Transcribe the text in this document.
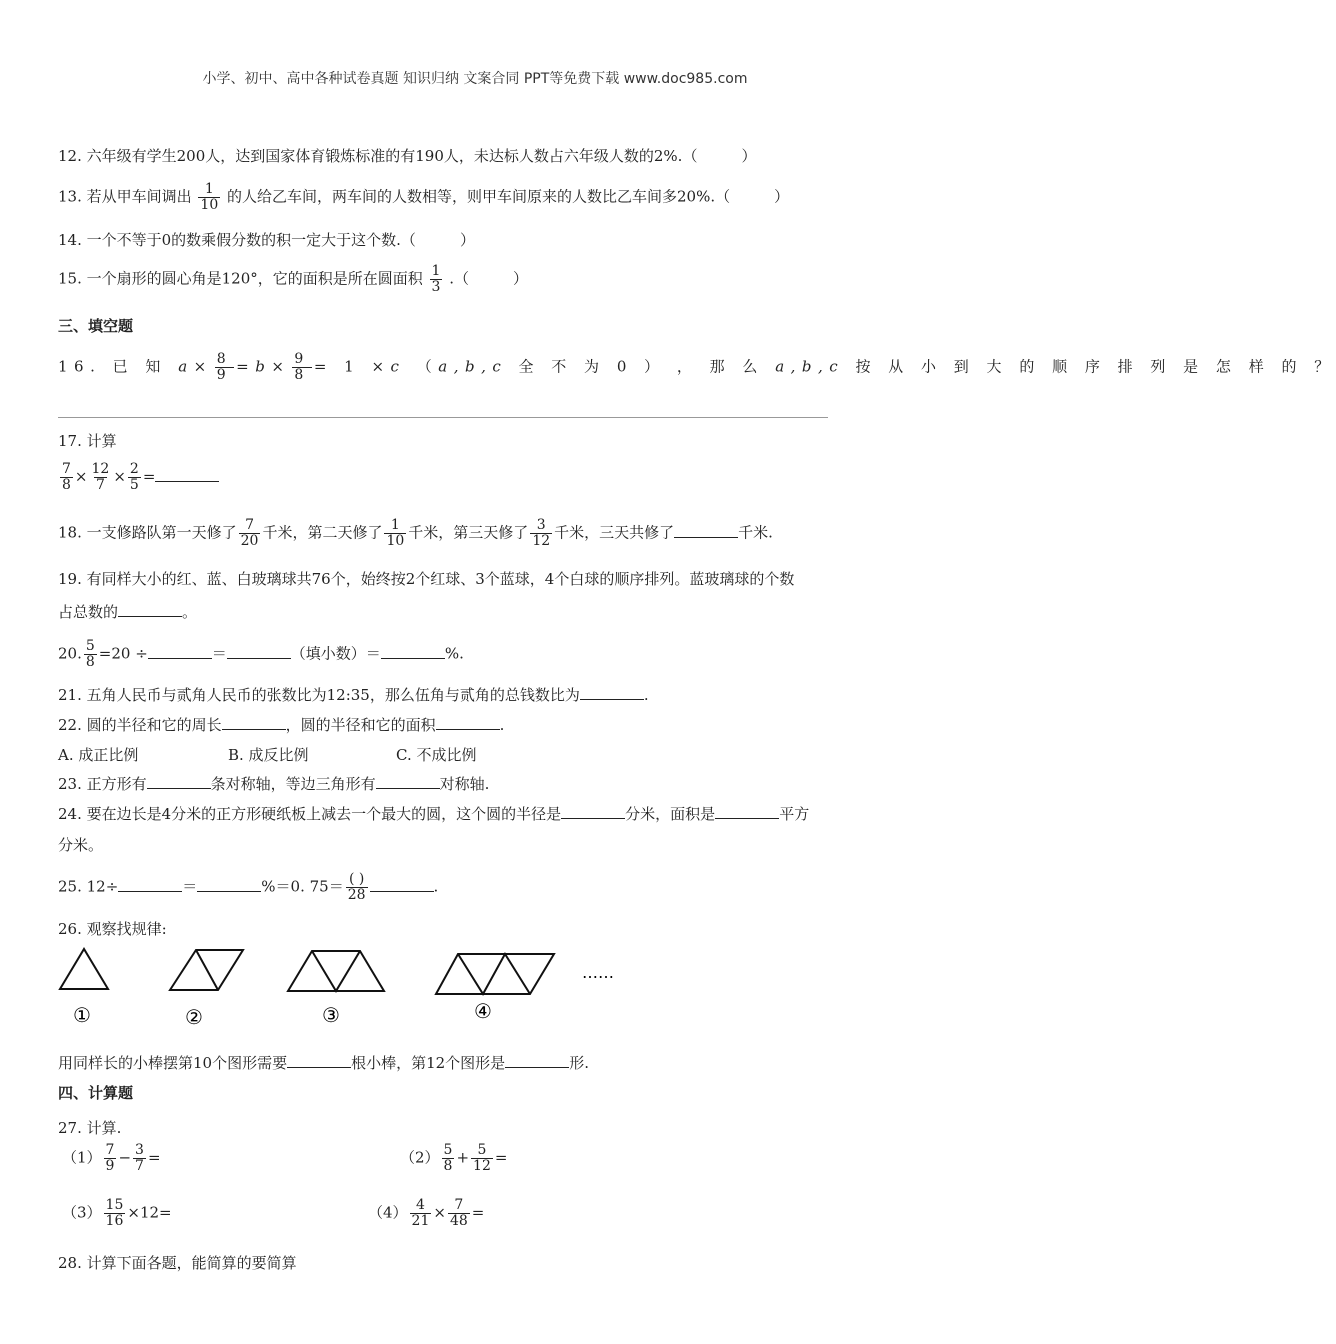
小学、初中、高中各种试卷真题 知识归纳 文案合同 PPT等免费下载 www.doc985.com
12. 六年级有学生200人，达到国家体育锻炼标准的有190人，未达标人数占六年级人数的2%.（	）
13. 若从甲车间调出 $\frac{1}{10}$ 的人给乙车间，两车间的人数相等，则甲车间原来的人数比乙车间多20%.（	）
14. 一个不等于0的数乘假分数的积一定大于这个数.（	）
15. 一个扇形的圆心角是120°，它的面积是所在圆面积 $\frac{1}{3}$ .（	）
三、填空题
16. 已 知 $a\times \frac{8}{9} =b\times \frac{9}{8} = 1 \times c$ （a,b,c 全 不 为 0 ） ， 那 么 a,b,c 按 从 小 到 大 的 顺 序 排 列 是 怎 样 的 ？
17. 计算
$\frac{7}{8} \times \frac{12}{7} \times \frac{2}{5}$ =
18. 一支修路队第一天修了 $\frac{7}{20}$ 千米，第二天修了 $\frac{1}{10}$ 千米，第三天修了 $\frac{3}{12}$ 千米，三天共修了	千米.
19. 有同样大小的红、蓝、白玻璃球共76个，始终按2个红球、3个蓝球，4个白球的顺序排列。蓝玻璃球的个数
占总数的	。
20. $\frac{5}{8} =20$ ÷	＝	（填小数）＝	%.
21. 五角人民币与贰角人民币的张数比为12:35，那么伍角与贰角的总钱数比为	.
22. 圆的半径和它的周长	，圆的半径和它的面积	.
A. 成正比例	B. 成反比例	C. 不成比例
23. 正方形有	条对称轴，等边三角形有	对称轴.
24. 要在边长是4分米的正方形硬纸板上减去一个最大的圆，这个圆的半径是	分米，面积是	平方
分米。
25. 12÷	＝	%＝0. $75= \frac{( )}{28}$	.
26. 观察找规律:
①	②	③	④
……
用同样长的小棒摆第10个图形需要	根小棒，第12个图形是	形.
四、计算题
27. 计算.
$(1) \frac{7}{9} - \frac{3}{7}$ =	$(2) \frac{5}{8} + \frac{5}{12}$ =
$(3) \frac{15}{16} \times 12=$	$(4) \frac{4}{21} \times \frac{7}{48}$ =
28. 计算下面各题，能简算的要简算
